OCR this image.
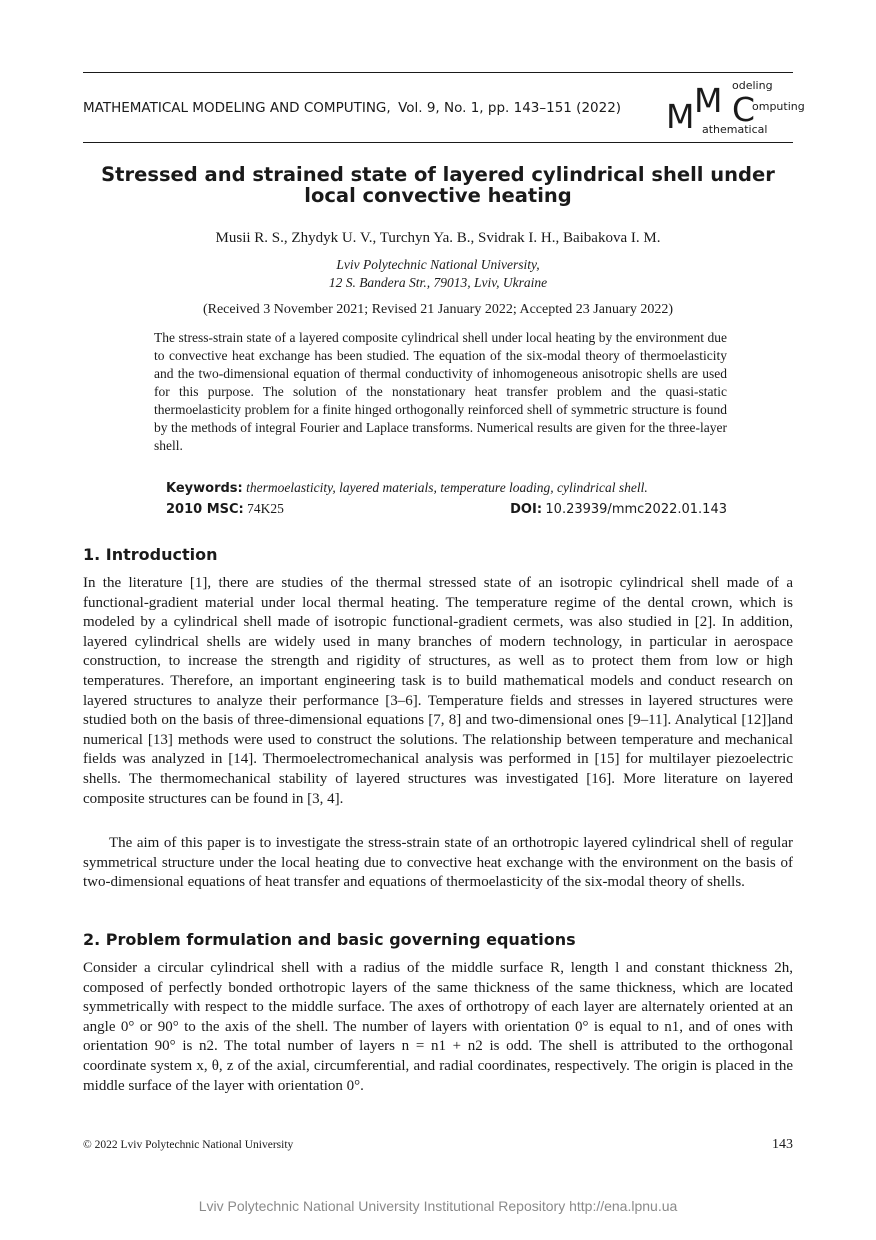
MATHEMATICAL MODELING AND COMPUTING, Vol. 9, No. 1, pp. 143–151 (2022) M M C
odeling
omputing
athematical
Stressed and strained state of layered cylindrical shell under local convective heating
Musii R. S., Zhydyk U. V., Turchyn Ya. B., Svidrak I. H., Baibakova I. M.
Lviv Polytechnic National University,
12 S. Bandera Str., 79013, Lviv, Ukraine
(Received 3 November 2021; Revised 21 January 2022; Accepted 23 January 2022)
The stress-strain state of a layered composite cylindrical shell under local heating by the environment due to convective heat exchange has been studied. The equation of the six-modal theory of thermoelasticity and the two-dimensional equation of thermal conductivity of inhomogeneous anisotropic shells are used for this purpose. The solution of the nonstationary heat transfer problem and the quasi-static thermoelasticity problem for a finite hinged orthogonally reinforced shell of symmetric structure is found by the methods of integral Fourier and Laplace transforms. Numerical results are given for the three-layer shell.
Keywords: thermoelasticity, layered materials, temperature loading, cylindrical shell.
2010 MSC: 74K25	DOI: 10.23939/mmc2022.01.143
1. Introduction
In the literature [1], there are studies of the thermal stressed state of an isotropic cylindrical shell made of a functional-gradient material under local thermal heating. The temperature regime of the dental crown, which is modeled by a cylindrical shell made of isotropic functional-gradient cermets, was also studied in [2]. In addition, layered cylindrical shells are widely used in many branches of modern technology, in particular in aerospace construction, to increase the strength and rigidity of structures, as well as to protect them from low or high temperatures. Therefore, an important engineering task is to build mathematical models and conduct research on layered structures to analyze their performance [3–6]. Temperature fields and stresses in layered structures were studied both on the basis of three-dimensional equations [7, 8] and two-dimensional ones [9–11]. Analytical [12]]and numerical [13] methods were used to construct the solutions. The relationship between temperature and mechanical fields was analyzed in [14]. Thermoelectromechanical analysis was performed in [15] for multilayer piezoelectric shells. The thermomechanical stability of layered structures was investigated [16]. More literature on layered composite structures can be found in [3, 4].
The aim of this paper is to investigate the stress-strain state of an orthotropic layered cylindrical shell of regular symmetrical structure under the local heating due to convective heat exchange with the environment on the basis of two-dimensional equations of heat transfer and equations of thermoelasticity of the six-modal theory of shells.
2. Problem formulation and basic governing equations
Consider a circular cylindrical shell with a radius of the middle surface R, length l and constant thickness 2h, composed of perfectly bonded orthotropic layers of the same thickness of the same thickness, which are located symmetrically with respect to the middle surface. The axes of orthotropy of each layer are alternately oriented at an angle 0° or 90° to the axis of the shell. The number of layers with orientation 0° is equal to n1, and of ones with orientation 90° is n2. The total number of layers n = n1 + n2 is odd. The shell is attributed to the orthogonal coordinate system x, θ, z of the axial, circumferential, and radial coordinates, respectively. The origin is placed in the middle surface of the layer with orientation 0°.
© 2022 Lviv Polytechnic National University	143
Lviv Polytechnic National University Institutional Repository http://ena.lpnu.ua
